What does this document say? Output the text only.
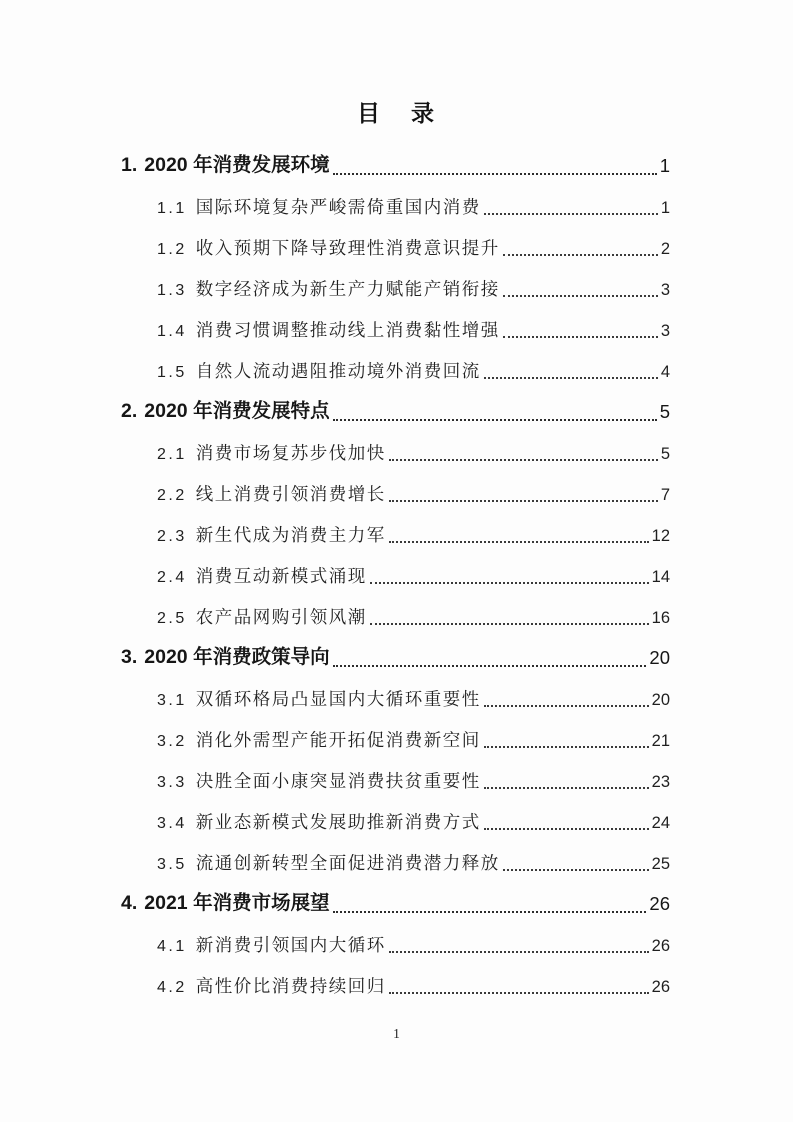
目 录
1. 2020 年消费发展环境	1
1.1 国际环境复杂严峻需倚重国内消费	1
1.2 收入预期下降导致理性消费意识提升	2
1.3 数字经济成为新生产力赋能产销衔接	3
1.4 消费习惯调整推动线上消费黏性增强	3
1.5 自然人流动遇阻推动境外消费回流	4
2. 2020 年消费发展特点	5
2.1 消费市场复苏步伐加快	5
2.2 线上消费引领消费增长	7
2.3 新生代成为消费主力军	12
2.4 消费互动新模式涌现	14
2.5 农产品网购引领风潮	16
3. 2020 年消费政策导向	20
3.1 双循环格局凸显国内大循环重要性	20
3.2 消化外需型产能开拓促消费新空间	21
3.3 决胜全面小康突显消费扶贫重要性	23
3.4 新业态新模式发展助推新消费方式	24
3.5 流通创新转型全面促进消费潜力释放	25
4. 2021 年消费市场展望	26
4.1 新消费引领国内大循环	26
4.2 高性价比消费持续回归	26
1
